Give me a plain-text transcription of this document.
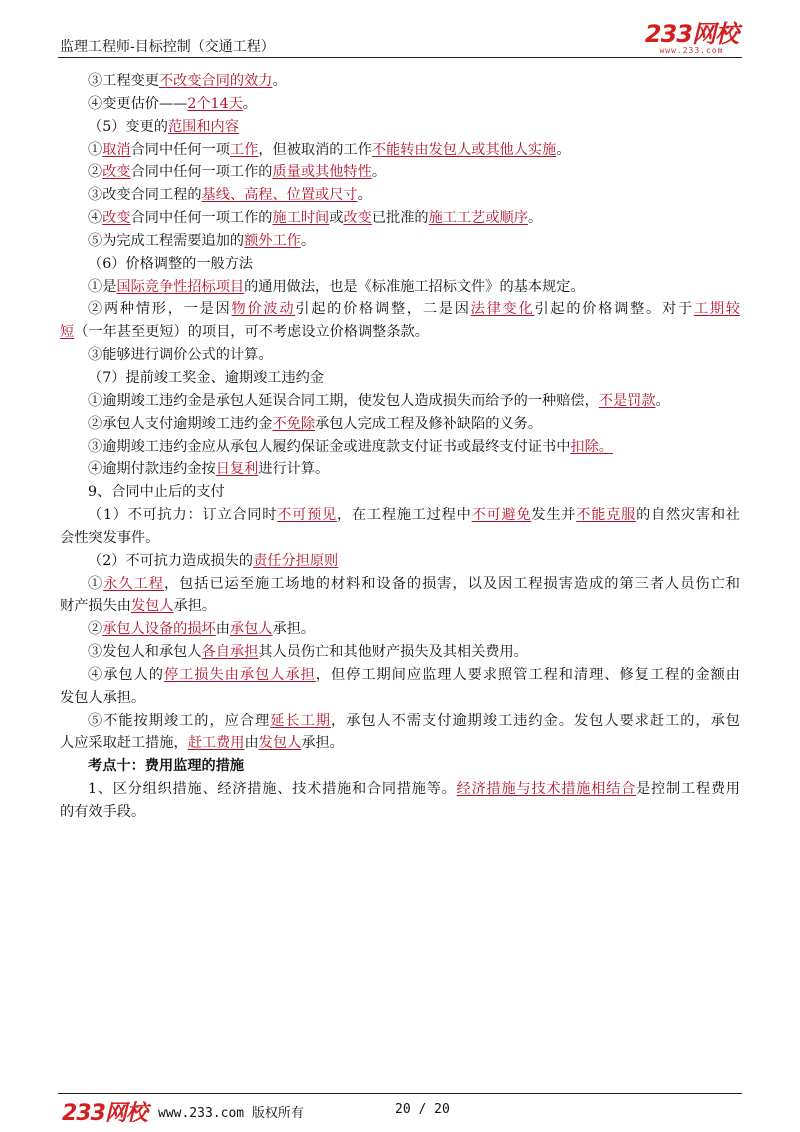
监理工程师-目标控制（交通工程）	233网校
www.233.com
③工程变更不改变合同的效力。
④变更估价——2个14天。
（5）变更的范围和内容
①取消合同中任何一项工作，但被取消的工作不能转由发包人或其他人实施。
②改变合同中任何一项工作的质量或其他特性。
③改变合同工程的基线、高程、位置或尺寸。
④改变合同中任何一项工作的施工时间或改变已批准的施工工艺或顺序。
⑤为完成工程需要追加的额外工作。
（6）价格调整的一般方法
①是国际竞争性招标项目的通用做法，也是《标准施工招标文件》的基本规定。
②两种情形，一是因物价波动引起的价格调整，二是因法律变化引起的价格调整。对于工期较
短（一年甚至更短）的项目，可不考虑设立价格调整条款。
③能够进行调价公式的计算。
（7）提前竣工奖金、逾期竣工违约金
①逾期竣工违约金是承包人延误合同工期，使发包人造成损失而给予的一种赔偿，不是罚款。
②承包人支付逾期竣工违约金不免除承包人完成工程及修补缺陷的义务。
③逾期竣工违约金应从承包人履约保证金或进度款支付证书或最终支付证书中扣除。
④逾期付款违约金按日复利进行计算。
9、合同中止后的支付
（1）不可抗力：订立合同时不可预见，在工程施工过程中不可避免发生并不能克服的自然灾害和社
会性突发事件。
（2）不可抗力造成损失的责任分担原则
①永久工程，包括已运至施工场地的材料和设备的损害，以及因工程损害造成的第三者人员伤亡和
财产损失由发包人承担。
②承包人设备的损坏由承包人承担。
③发包人和承包人各自承担其人员伤亡和其他财产损失及其相关费用。
④承包人的停工损失由承包人承担，但停工期间应监理人要求照管工程和清理、修复工程的金额由
发包人承担。
⑤不能按期竣工的，应合理延长工期，承包人不需支付逾期竣工违约金。发包人要求赶工的，承包
人应采取赶工措施，赶工费用由发包人承担。
考点十：费用监理的措施
1、区分组织措施、经济措施、技术措施和合同措施等。经济措施与技术措施相结合是控制工程费用
的有效手段。
233网校 www.233.com 版权所有	20 / 20
